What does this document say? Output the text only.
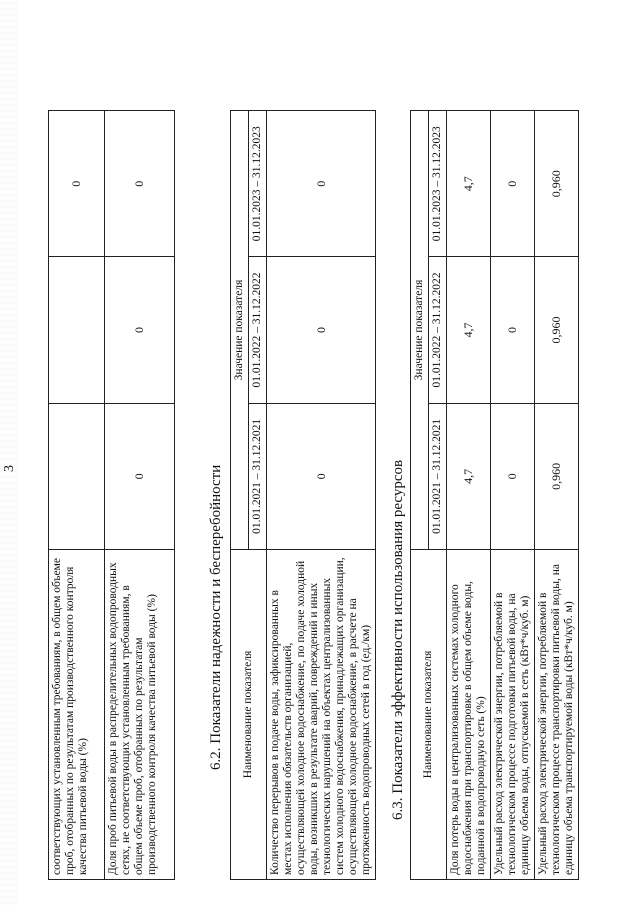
3
соответствующих установленным требованиям, в общем объеме проб, отобранных по результатам производственного контроля качества питьевой воды (%)			0
Доля проб питьевой воды в распределительных водопроводных сетях, не соответствующих установленным требованиям, в общем объеме проб, отобранных по результатам производственного контроля качества питьевой воды (%)	0	0	0
6.2. Показатели надежности и бесперебойности Наименование показателя	Значение показателя		
	01.01.2021 – 31.12.2021	01.01.2022 – 31.12.2022	01.01.2023 – 31.12.2023
Количество перерывов в подаче воды, зафиксированных в местах исполнения обязательств организацией, осуществляющей холодное водоснабжение, по подаче холодной воды, возникших в результате аварий, повреждений и иных технологических нарушений на объектах централизованных систем холодного водоснабжения, принадлежащих организации, осуществляющей холодное водоснабжение, в расчете на протяженность водопроводных сетей в год (ед./км)	0	0	0
6.3. Показатели эффективности использования ресурсов Наименование показателя	Значение показателя		
	01.01.2021 – 31.12.2021	01.01.2022 – 31.12.2022	01.01.2023 – 31.12.2023
Доля потерь воды в централизованных системах холодного водоснабжения при транспортировке в общем объеме воды, поданной в водопроводную сеть (%)	4,7	4,7	4,7
Удельный расход электрической энергии, потребляемой в технологическом процессе подготовки питьевой воды, на единицу объема воды, отпускаемой в сеть (кВт*ч/куб. м)	0	0	0
Удельный расход электрической энергии, потребляемой в технологическом процессе транспортировки питьевой воды, на единицу объема транспортируемой воды (кВт*ч/куб. м)	0,960	0,960	0,960
